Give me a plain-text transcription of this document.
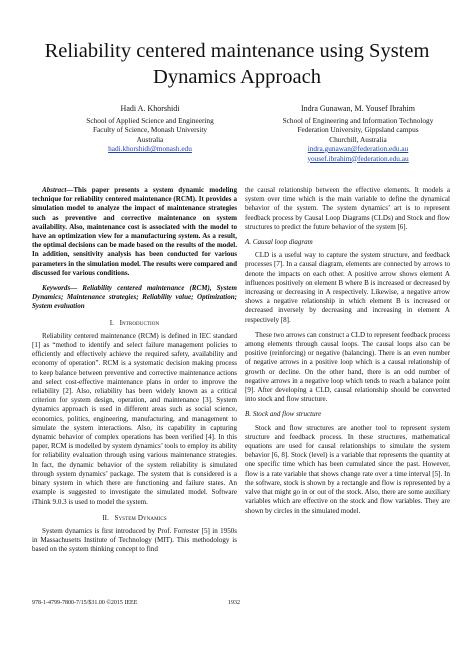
Reliability centered maintenance using System Dynamics Approach
Hadi A. Khorshidi
School of Applied Science and Engineering
Faculty of Science, Monash University
Australia
hadi.khorshidi@monash.edu
Indra Gunawan, M. Yousef Ibrahim
School of Engineering and Information Technology
Federation University, Gippsland campus
Churchill, Australia
indra.gunawan@federation.edu.au
yousef.ibrahim@federation.edu.au

Abstract—This paper presents a system dynamic modeling technique for reliability centered maintenance (RCM). It provides a simulation model to analyze the impact of maintenance strategies such as preventive and corrective maintenance on system availability. Also, maintenance cost is associated with the model to have an optimization view for a manufacturing system. As a result, the optimal decisions can be made based on the results of the model. In addition, sensitivity analysis has been conducted for various parameters in the simulation model. The results were compared and discussed for various conditions.

Keywords— Reliability centered maintenance (RCM), System Dynamics; Maintenance strategies; Reliability value; Optimization; System evaluation

I. Introduction

Reliability centered maintenance (RCM) is defined in IEC standard [1] as “method to identify and select failure management policies to efficiently and effectively achieve the required safety, availability and economy of operation”. RCM is a systematic decision making process to keep balance between preventive and corrective maintenance actions and select cost-effective maintenance plans in order to improve the reliability [2]. Also, reliability has been widely known as a critical criterion for system design, operation, and maintenance [3]. System dynamics approach is used in different areas such as social science, economics, politics, engineering, manufacturing, and management to simulate the system interactions. Also, its capability in capturing dynamic behavior of complex operations has been verified [4]. In this paper, RCM is modelled by system dynamics’ tools to employ its ability for reliability evaluation through using various maintenance strategies. In fact, the dynamic behavior of the system reliability is simulated through system dynamics’ package. The system that is considered is a binary system in which there are functioning and failure states. An example is suggested to investigate the simulated model. Software iThink 9.0.3 is used to model the system.

II. System Dynamics

System dynamics is first introduced by Prof. Forrester [5] in 1950s in Massachusetts Institute of Technology (MIT). This methodology is based on the system thinking concept to find

the causal relationship between the effective elements. It models a system over time which is the main variable to define the dynamical behavior of the system. The system dynamics’ art is to represent feedback process by Causal Loop Diagrams (CLDs) and Stock and flow structures to predict the future behavior of the system [6].

A. Causal loop diagram

CLD is a useful way to capture the system structure, and feedback processes [7]. In a causal diagram, elements are connected by arrows to denote the impacts on each other. A positive arrow shows element A influences positively on element B where B is increased or decreased by increasing or decreasing in A respectively. Likewise, a negative arrow shows a negative relationship in which element B is increased or decreased inversely by decreasing and increasing in element A respectively [8].

These two arrows can construct a CLD to represent feedback process among elements through causal loops. The causal loops also can be positive (reinforcing) or negative (balancing). There is an even number of negative arrows in a positive loop which is a causal relationship of growth or decline. On the other hand, there is an odd number of negative arrows in a negative loop which tends to reach a balance point [9]. After developing a CLD, causal relationship should be converted into stock and flow structure.

B. Stock and flow structure

Stock and flow structures are another tool to represent system structure and feedback process. In these structures, mathematical equations are used for causal relationships to simulate the system behavior [6, 8]. Stock (level) is a variable that represents the quantity at one specific time which has been cumulated since the past. However, flow is a rate variable that shows change rate over a time interval [5]. In the software, stock is shown by a rectangle and flow is represented by a valve that might go in or out of the stock. Also, there are some auxiliary variables which are effective on the stock and flow variables. They are shown by circles in the simulated model.

978-1-4799-7800-7/15/$31.00 ©2015 IEEE	1932
